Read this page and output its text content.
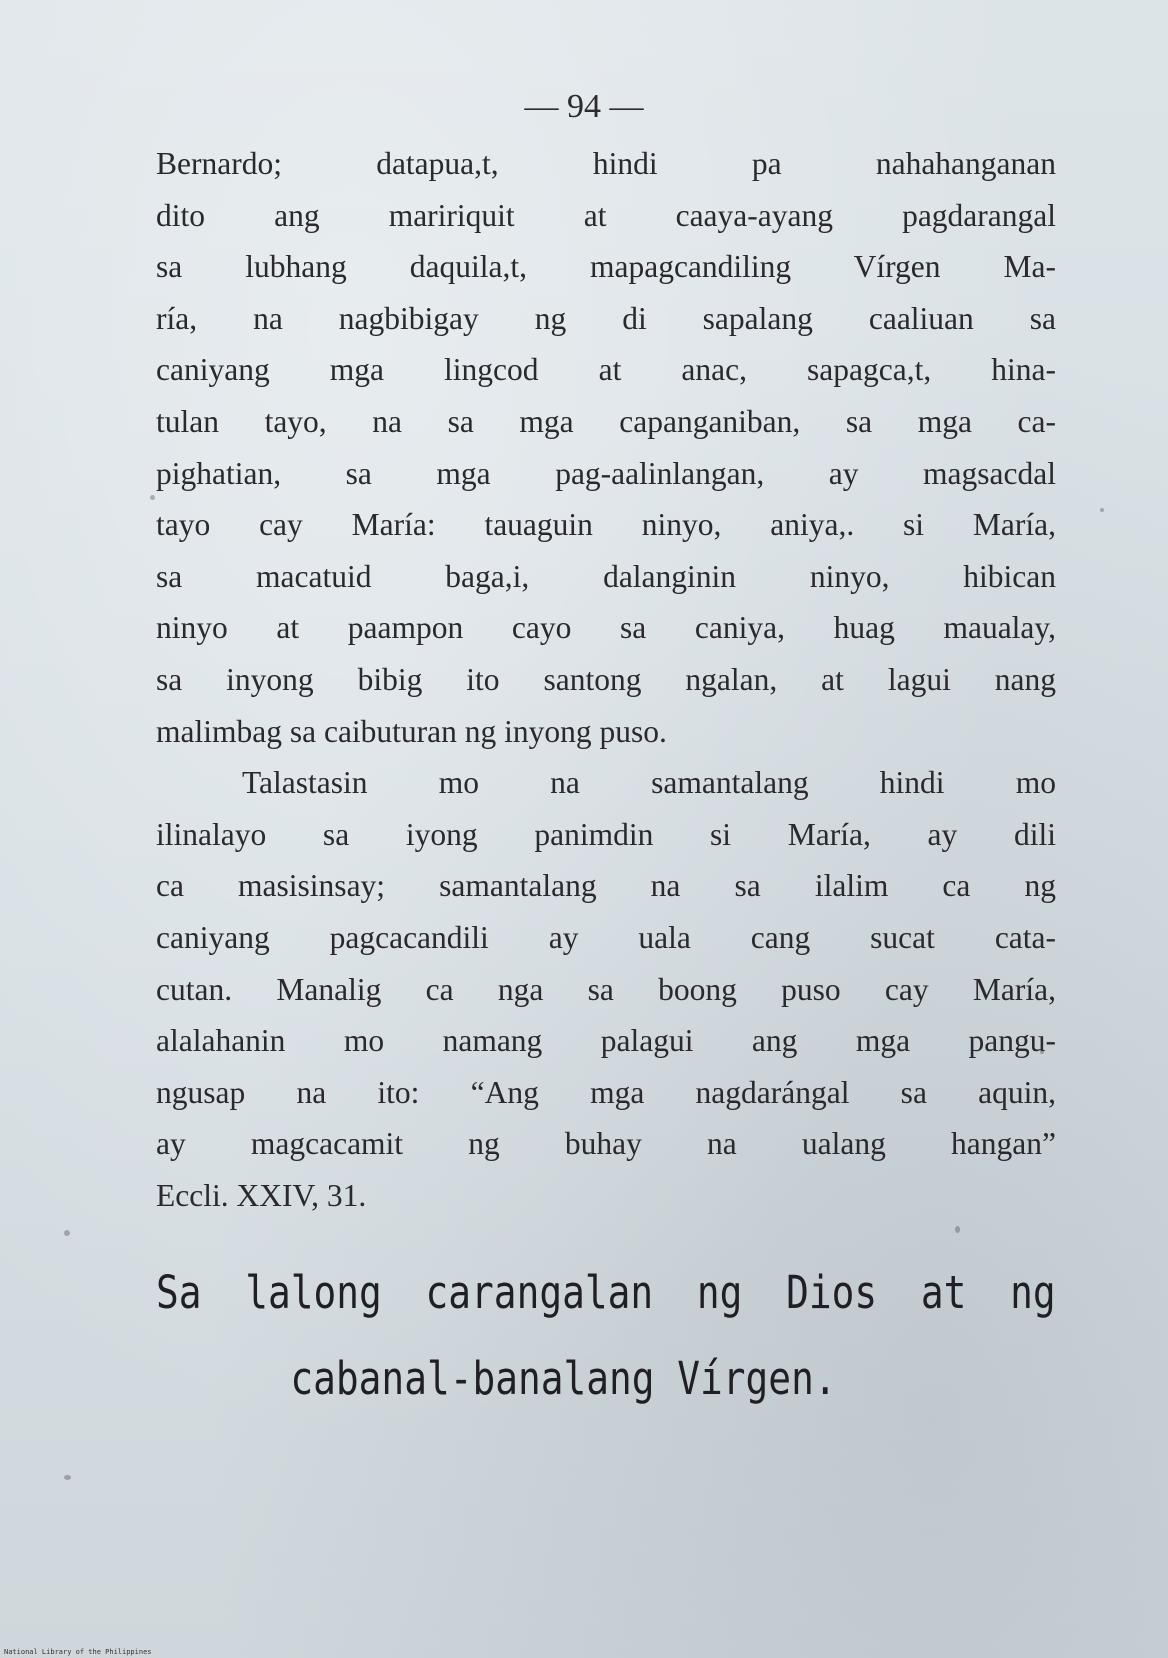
— 94 —
Bernardo; datapua,t, hindi pa nahahanganan
dito ang maririquit at caaya-ayang pagdarangal
sa lubhang daquila,t, mapagcandiling Vírgen Ma-
ría, na nagbibigay ng di sapalang caaliuan sa
caniyang mga lingcod at anac, sapagca,t, hina-
tulan tayo, na sa mga capanganiban, sa mga ca-
pighatian, sa mga pag-aalinlangan, ay magsacdal
tayo cay María: tauaguin ninyo, aniya,. si María,
sa macatuid baga,i, dalanginin ninyo, hibican
ninyo at paampon cayo sa caniya, huag maualay,
sa inyong bibig ito santong ngalan, at lagui nang
malimbag sa caibuturan ng inyong puso.
Talastasin mo na samantalang hindi mo
ilinalayo sa iyong panimdin si María, ay dili
ca masisinsay; samantalang na sa ilalim ca ng
caniyang pagcacandili ay uala cang sucat cata-
cutan. Manalig ca nga sa boong puso cay María,
alalahanin mo namang palagui ang mga pangu-
ngusap na ito: “Ang mga nagdarángal sa aquin,
ay magcacamit ng buhay na ualang hangan”
Eccli. XXIV, 31.
Sa lalong carangalan ng Dios at ng
cabanal-banalang Vírgen.
National Library of the Philippines
